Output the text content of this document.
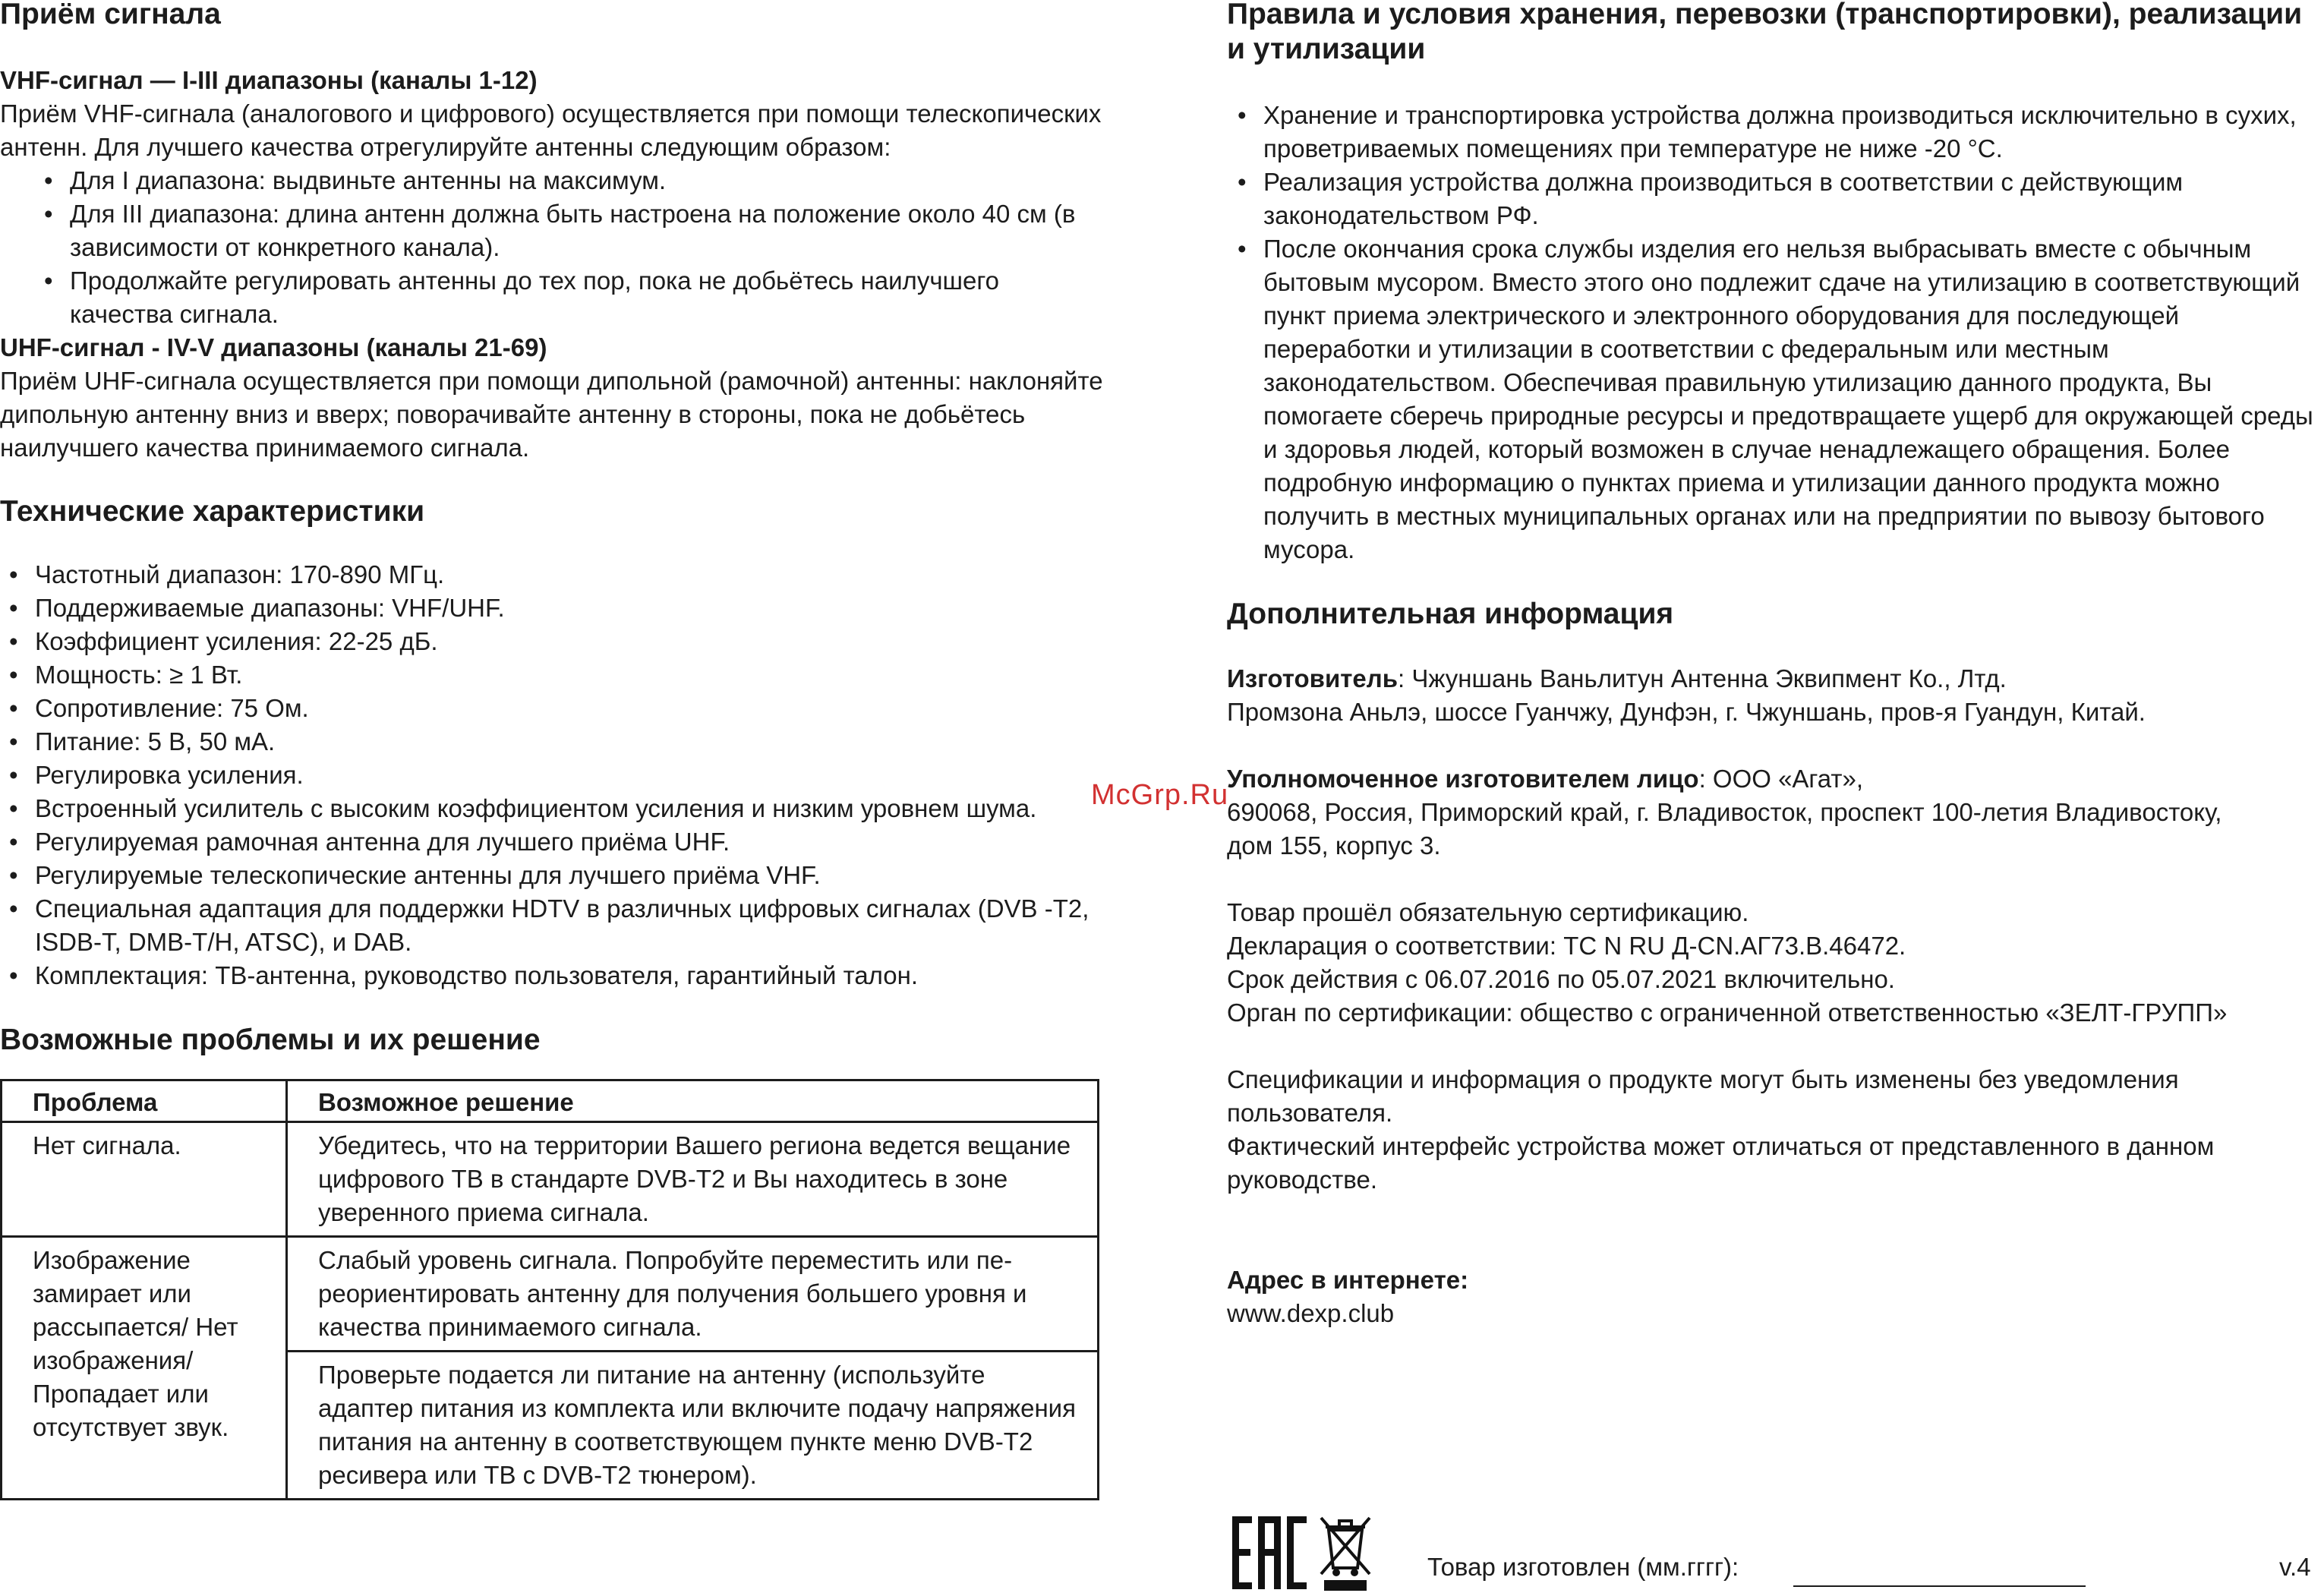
Приём сигнала

VHF-сигнал — I-III диапазоны (каналы 1-12)

Приём VHF-сигнала (аналогового и цифрового) осуществляется при помощи телескопических антенн. Для лучшего качества отрегулируйте антенны следующим образом:

• Для I диапазона: выдвиньте антенны на максимум.
• Для III диапазона: длина антенн должна быть настроена на положение около 40 см (в зависимости от конкретного канала).
• Продолжайте регулировать антенны до тех пор, пока не добьётесь наилучшего качества сигнала.

UHF-сигнал - IV-V диапазоны (каналы 21-69)

Приём UHF-сигнала осуществляется при помощи дипольной (рамочной) антенны: наклоняйте дипольную антенну вниз и вверх; поворачивайте антенну в стороны, пока не добьётесь наилучшего качества принимаемого сигнала.

Технические характеристики
• Частотный диапазон: 170-890 МГц.
• Поддерживаемые диапазоны: VHF/UHF.
• Коэффициент усиления: 22-25 дБ.
• Мощность: ≥ 1 Вт.
• Сопротивление: 75 Ом.
• Питание: 5 В, 50 мА.
• Регулировка усиления.
• Встроенный усилитель с высоким коэффициентом усиления и низким уровнем шума.
• Регулируемая рамочная антенна для лучшего приёма UHF.
• Регулируемые телескопические антенны для лучшего приёма VHF.
• Специальная адаптация для поддержки HDTV в различных цифровых сигналах (DVB -T2, ISDB-T, DMB-T/H, ATSC), и DAB.
• Комплектация: ТВ-антенна, руководство пользователя, гарантийный талон.
Возможные проблемы и их решение
Проблема	Возможное решение
Нет сигнала.	Убедитесь, что на территории Вашего региона ведется вещание цифрового ТВ в стандарте DVB-T2 и Вы находитесь в зоне уверенного приема сигнала.
Изображение замирает или рассыпается/ Нет изображения/ Пропадает или отсутствует звук.	Слабый уровень сигнала. Попробуйте переместить или переориентировать антенну для получения большего уровня и качества принимаемого сигнала.
	Проверьте подается ли питание на антенну (используйте адаптер питания из комплекта или включите подачу напряжения питания на антенну в соответствующем пункте меню DVB-T2 ресивера или ТВ с DVB-T2 тюнером).
Правила и условия хранения, перевозки (транспортировки), реализации и утилизации
• Хранение и транспортировка устройства должна производиться исключительно в сухих, проветриваемых помещениях при температуре не ниже -20 °С.
• Реализация устройства должна производиться в соответствии с действующим законодательством РФ.
• После окончания срока службы изделия его нельзя выбрасывать вместе с обычным бытовым мусором. Вместо этого оно подлежит сдаче на утилизацию в соответствующий пункт приема электрического и электронного оборудования для последующей переработки и утилизации в соответствии с федеральным или местным законодательством. Обеспечивая правильную утилизацию данного продукта, Вы помогаете сберечь природные ресурсы и предотвращаете ущерб для окружающей среды и здоровья людей, который возможен в случае ненадлежащего обращения. Более подробную информацию о пунктах приема и утилизации данного продукта можно получить в местных муниципальных органах или на предприятии по вывозу бытового мусора.
Дополнительная информация

Изготовитель: Чжуншань Ваньлитун Антенна Эквипмент Ко., Лтд.

Промзона Аньлэ, шоссе Гуанчжу, Дунфэн, г. Чжуншань, пров-я Гуандун, Китай.

Уполномоченное изготовителем лицо: ООО «Агат»,

690068, Россия, Приморский край, г. Владивосток, проспект 100-летия Владивостоку,

дом 155, корпус 3.

Товар прошёл обязательную сертификацию.

Декларация о соответствии: ТС N RU Д-CN.АГ73.В.46472.

Срок действия с 06.07.2016 по 05.07.2021 включительно.

Орган по сертификации: общество с ограниченной ответственностью «ЗЕЛТ-ГРУПП»

Спецификации и информация о продукте могут быть изменены без уведомления пользователя.

Фактический интерфейс устройства может отличаться от представленного в данном руководстве.

Адрес в интернете:

www.dexp.club

McGrp.Ru
Товар изготовлен (мм.гггг):	v.4
